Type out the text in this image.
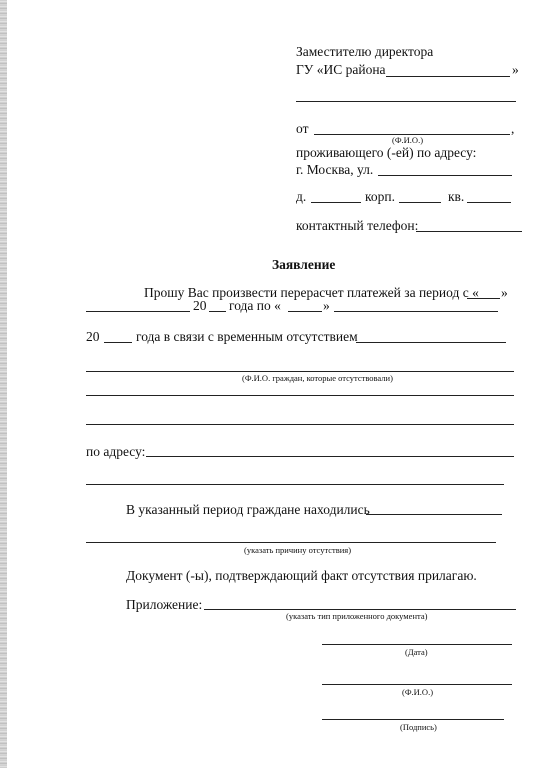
Заместителю директора
ГУ «ИС района	»
от	,
(Ф.И.О.)
проживающего (-ей) по адресу:
г. Москва, ул.
д.	корп.	кв.
контактный телефон:
Заявление
Прошу Вас произвести перерасчет платежей за период с « »
20 года по «	»
20	года в связи с временным отсутствием
(Ф.И.О. граждан, которые отсутствовали)
по адресу:
В указанный период граждане находились
(указать причину отсутствия)
Документ (-ы), подтверждающий факт отсутствия прилагаю.
Приложение:
(указать тип приложенного документа)
(Дата)
(Ф.И.О.)
(Подпись)
